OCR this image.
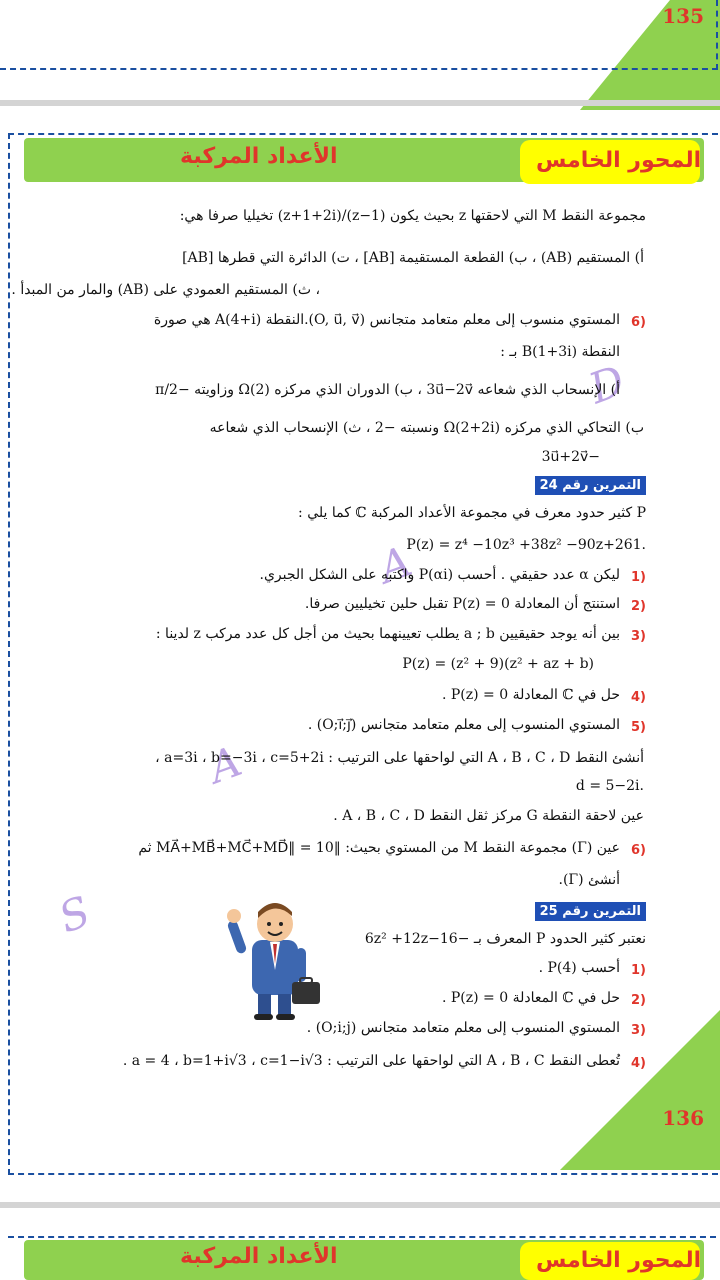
135
الأعداد المركبة	المحور الخامس
D
A
A
S
مجموعة النقط M التي لاحقتها z بحيث يكون (z−1)/(z+1+2i) تخيليا صرفا هي:
أ) المستقيم (AB) ، ب) القطعة المستقيمة [AB] ، ت) الدائرة التي قطرها [AB]
، ث) المستقيم العمودي على (AB) والمار من المبدأ .
6)
المستوي منسوب إلى معلم متعامد متجانس (O, u⃗, v⃗).النقطة A(4+i) هي صورة
النقطة B(1+3i) بـ :
أ) الإنسحاب الذي شعاعه 3u⃗−2v⃗ ، ب) الدوران الذي مركزه Ω(2) وزاويته −π/2
ب) التحاكي الذي مركزه Ω(2+2i) ونسبته −2 ، ث) الإنسحاب الذي شعاعه
−3u⃗+2v⃗
التمرين رقم 24
P كثير حدود معرف في مجموعة الأعداد المركبة ℂ كما يلي :
.P(z) = z⁴ −10z³ +38z² −90z+261
1)
ليكن α عدد حقيقي . أحسب P(αi) واكتبه على الشكل الجبري.
2)
استنتج أن المعادلة P(z) = 0 تقبل حلين تخيليين صرفا.
3)
بين أنه يوجد حقيقيين a ; b يطلب تعيينهما بحيث من أجل كل عدد مركب z لدينا :
P(z) = (z² + 9)(z² + az + b)
4)
حل في ℂ المعادلة P(z) = 0 .
5)
المستوي المنسوب إلى معلم متعامد متجانس (O;i⃗;j⃗) .
أنشئ النقط A ، B ، C ، D التي لواحقها على الترتيب : a=3i ، b=−3i ، c=5+2i ،
.d = 5−2i
عين لاحقة النقطة G مركز ثقل النقط A ، B ، C ، D .
6)
عين (Γ) مجموعة النقط M من المستوي بحيث: ‖MA⃗+MB⃗+MC⃗+MD⃗‖ = 10 ثم
أنشئ (Γ).
التمرين رقم 25
نعتبر كثير الحدود P المعرف بـ −6z² +12z−16
1)
أحسب P(4) .
2)
حل في ℂ المعادلة P(z) = 0 .
3)
المستوي المنسوب إلى معلم متعامد متجانس (O;i;j) .
4)
تُعطى النقط A ، B ، C التي لواحقها على الترتيب : a = 4 ، b=1+i√3 ، c=1−i√3 .
136
الأعداد المركبة	المحور الخامس
